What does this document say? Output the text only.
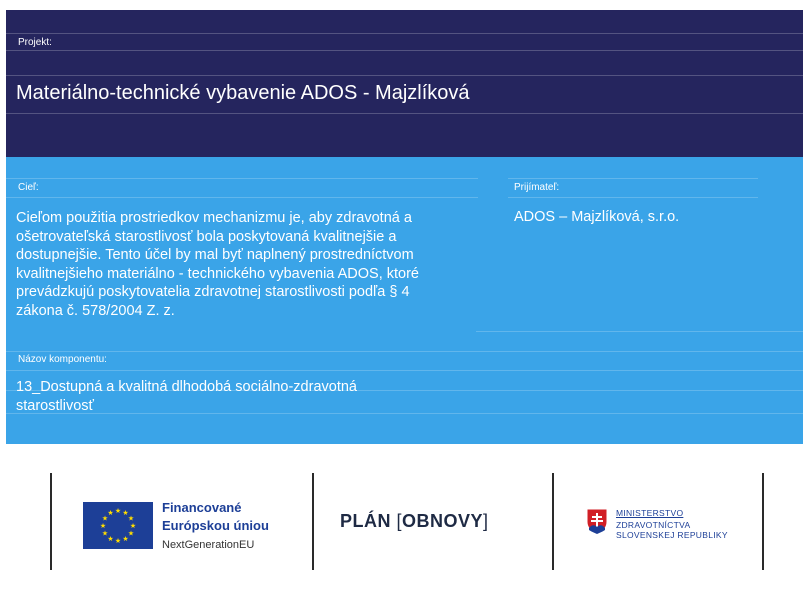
Projekt:
Materiálno-technické vybavenie ADOS - Majzlíková
Cieľ:
Cieľom použitia prostriedkov mechanizmu je, aby zdravotná a
ošetrovateľská starostlivosť bola poskytovaná kvalitnejšie a
dostupnejšie. Tento účel by mal byť naplnený prostredníctvom
kvalitnejšieho materiálno - technického vybavenia ADOS, ktoré
prevádzkujú poskytovatelia zdravotnej starostlivosti podľa § 4
zákona č. 578/2004 Z. z.
Prijímateľ:
ADOS – Majzlíková, s.r.o.
Názov komponentu:
13_Dostupná a kvalitná dlhodobá sociálno-zdravotná
starostlivosť
★ ★
★
★
★
★
★
★
★
★
★
★	Financované
Európskou úniou
NextGenerationEU
PLÁN [OBNOVY]	MINISTERSTVO
ZDRAVOTNÍCTVA
SLOVENSKEJ REPUBLIKY
